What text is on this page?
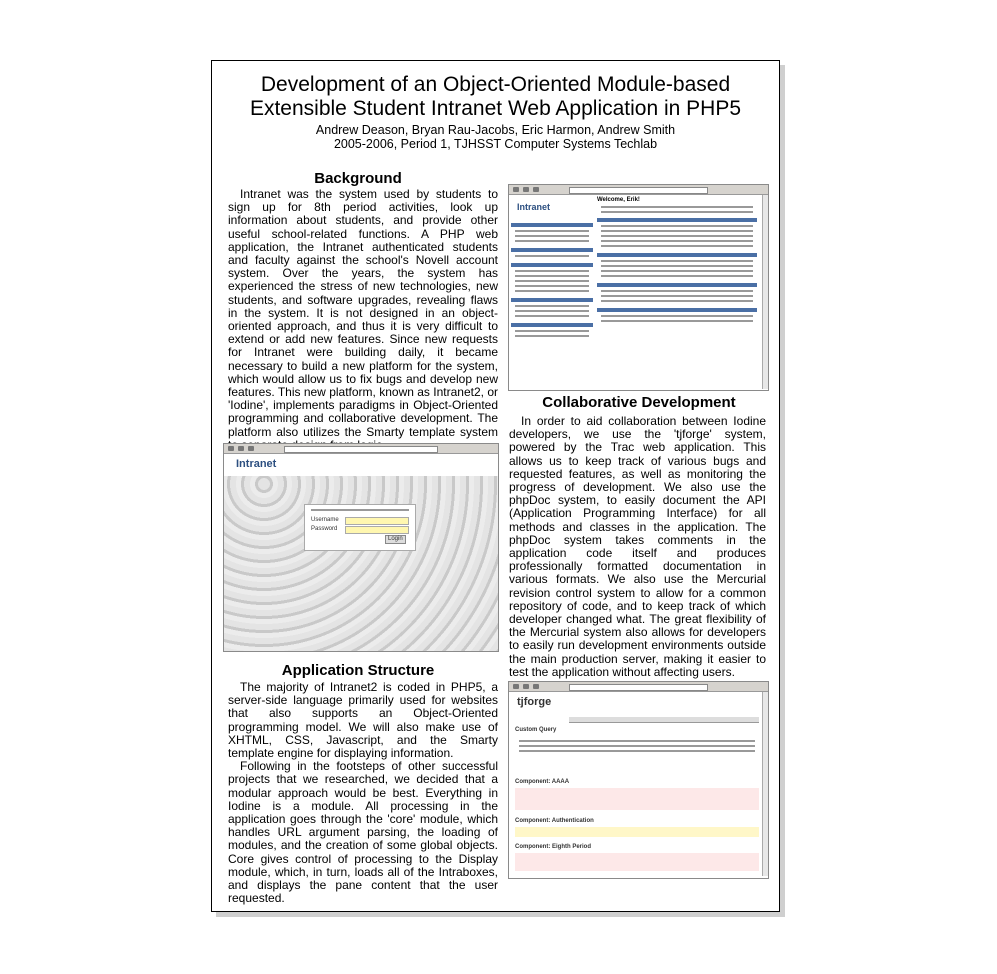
Development of an Object-Oriented Module-based
Extensible Student Intranet Web Application in PHP5
Andrew Deason, Bryan Rau-Jacobs, Eric Harmon, Andrew Smith
2005-2006, Period 1, TJHSST Computer Systems Techlab
Background

Intranet was the system used by students to sign up for 8th period activities, look up information about students, and provide other useful school-related functions. A PHP web application, the Intranet authenticated students and faculty against the school's Novell account system. Over the years, the system has experienced the stress of new technologies, new students, and software upgrades, revealing flaws in the system. It is not designed in an object-oriented approach, and thus it is very difficult to extend or add new features. Since new requests for Intranet were building daily, it became necessary to build a new platform for the system, which would allow us to fix bugs and develop new features. This new platform, known as Intranet2, or 'Iodine', implements paradigms in Object-Oriented programming and collaborative development. The platform also utilizes the Smarty template system

Intranet
Username
Password
Login
Application Structure

The majority of Intranet2 is coded in PHP5, a server-side language primarily used for websites that also supports an Object-Oriented programming model. We will also make use of XHTML, CSS, Javascript, and the Smarty template engine for displaying information.

Following in the footsteps of other successful projects that we researched, we decided that a modular approach would be best. Everything in Iodine is a module. All processing in the application goes through the 'core' module, which handles URL argument parsing, the loading of modules, and the creation of some global objects. Core gives control of processing to the Display module, which, in turn, loads all of the Intraboxes, and displays the pane content that the user requested.

Intranet
Welcome, Erik!
Collaborative Development

In order to aid collaboration between Iodine developers, we use the 'tjforge' system, powered by the Trac web application. This allows us to keep track of various bugs and requested features, as well as monitoring the progress of development. We also use the phpDoc system, to easily document the API (Application Programming Interface) for all methods and classes in the application. The phpDoc system takes comments in the application code itself and produces professionally formatted documentation in various formats. We also use the Mercurial revision control system to allow for a common repository of code, and to keep track of which developer changed what. The great flexibility of the Mercurial system also allows for developers to easily run development environments outside the main production server, making it easier to test the application without affecting users.

tjforge
Custom Query
Component: AAAA
Component: Authentication
Component: Eighth Period
